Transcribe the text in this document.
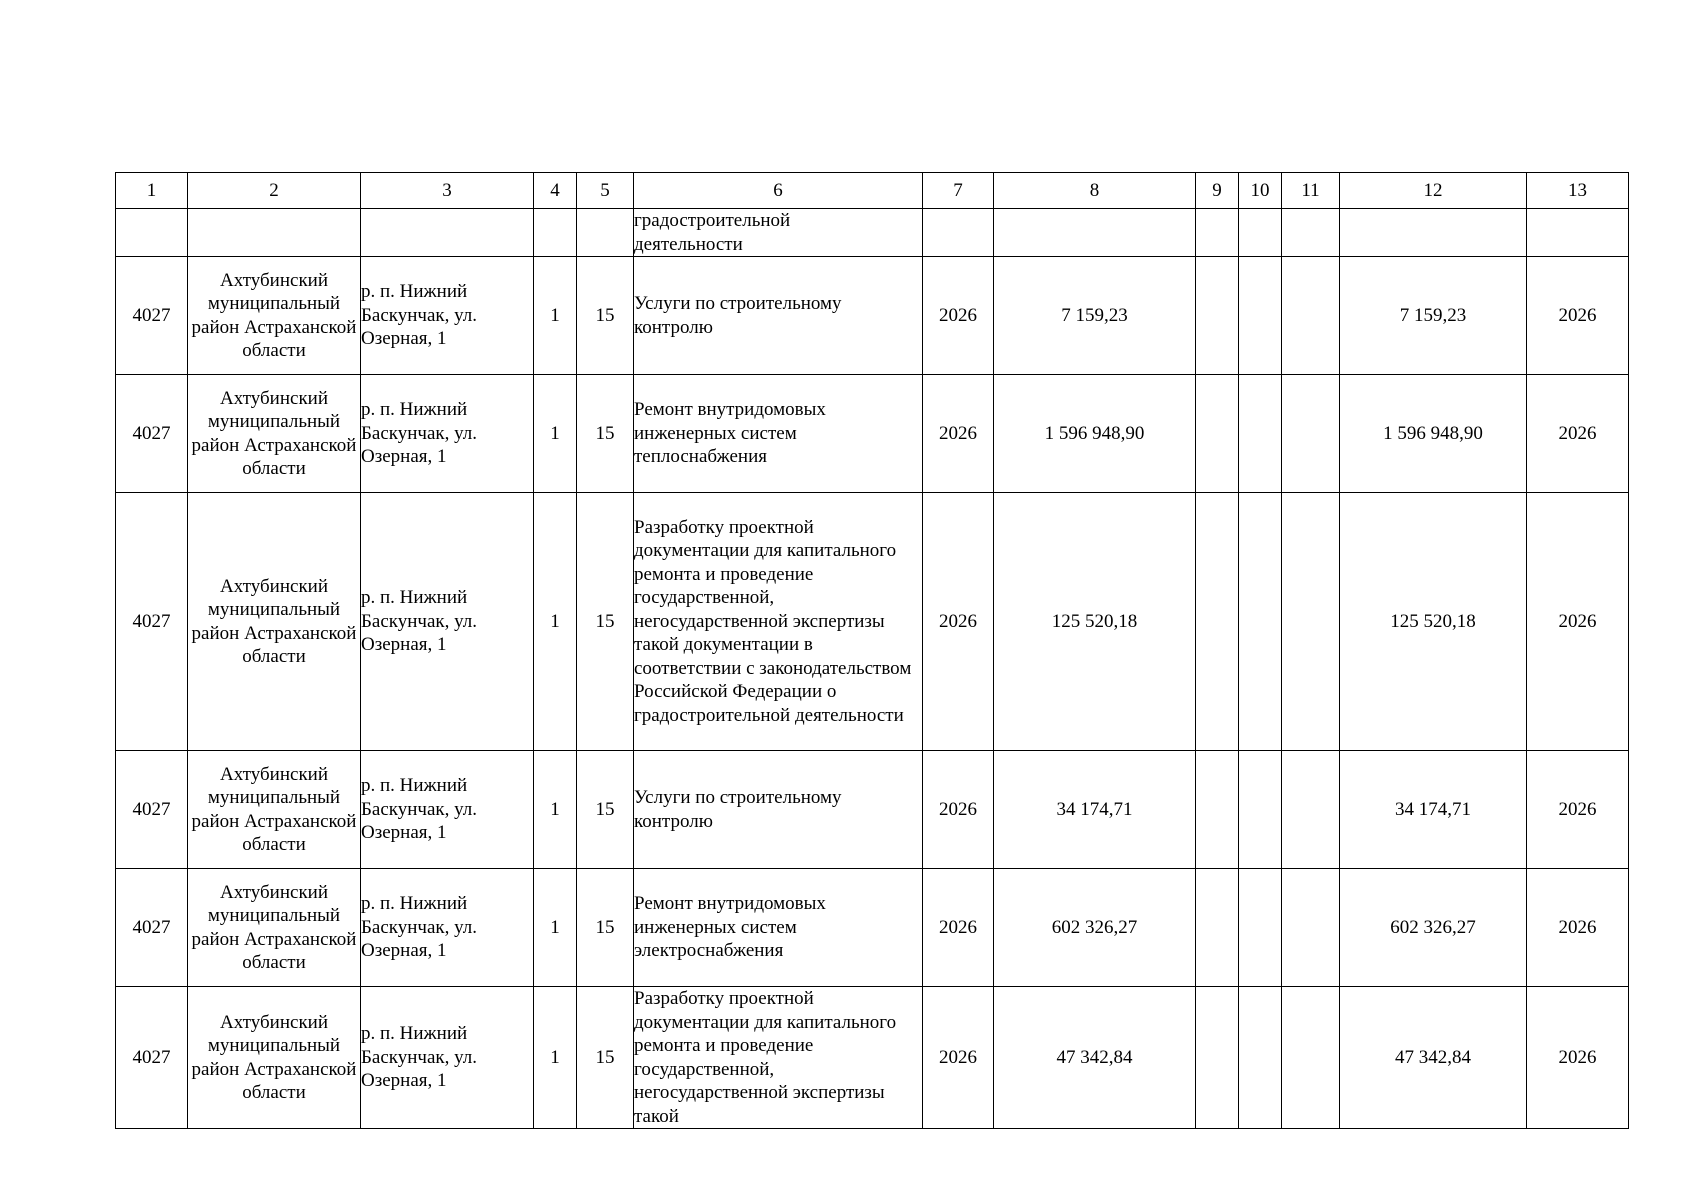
1	2	3	4	5	6	7	8	9	10	11	12	13
					градостроительной
деятельности							
4027	Ахтубинский муниципальный район Астраханской области	р. п. Нижний Баскунчак, ул. Озерная, 1	1	15	Услуги по строительному контролю	2026	7 159,23				7 159,23	2026
4027	Ахтубинский муниципальный район Астраханской области	р. п. Нижний Баскунчак, ул. Озерная, 1	1	15	Ремонт внутридомовых инженерных систем теплоснабжения	2026	1 596 948,90				1 596 948,90	2026
4027	Ахтубинский муниципальный район Астраханской области	р. п. Нижний Баскунчак, ул. Озерная, 1	1	15	Разработку проектной документации для капитального ремонта и проведение государственной, негосударственной экспертизы такой документации в соответствии с законодательством Российской Федерации о градостроительной деятельности	2026	125 520,18				125 520,18	2026
4027	Ахтубинский муниципальный район Астраханской области	р. п. Нижний Баскунчак, ул. Озерная, 1	1	15	Услуги по строительному контролю	2026	34 174,71				34 174,71	2026
4027	Ахтубинский муниципальный район Астраханской области	р. п. Нижний Баскунчак, ул. Озерная, 1	1	15	Ремонт внутридомовых инженерных систем электроснабжения	2026	602 326,27				602 326,27	2026
4027	Ахтубинский муниципальный район Астраханской области	р. п. Нижний Баскунчак, ул. Озерная, 1	1	15	Разработку проектной документации для капитального ремонта и проведение государственной, негосударственной экспертизы такой	2026	47 342,84				47 342,84	2026
